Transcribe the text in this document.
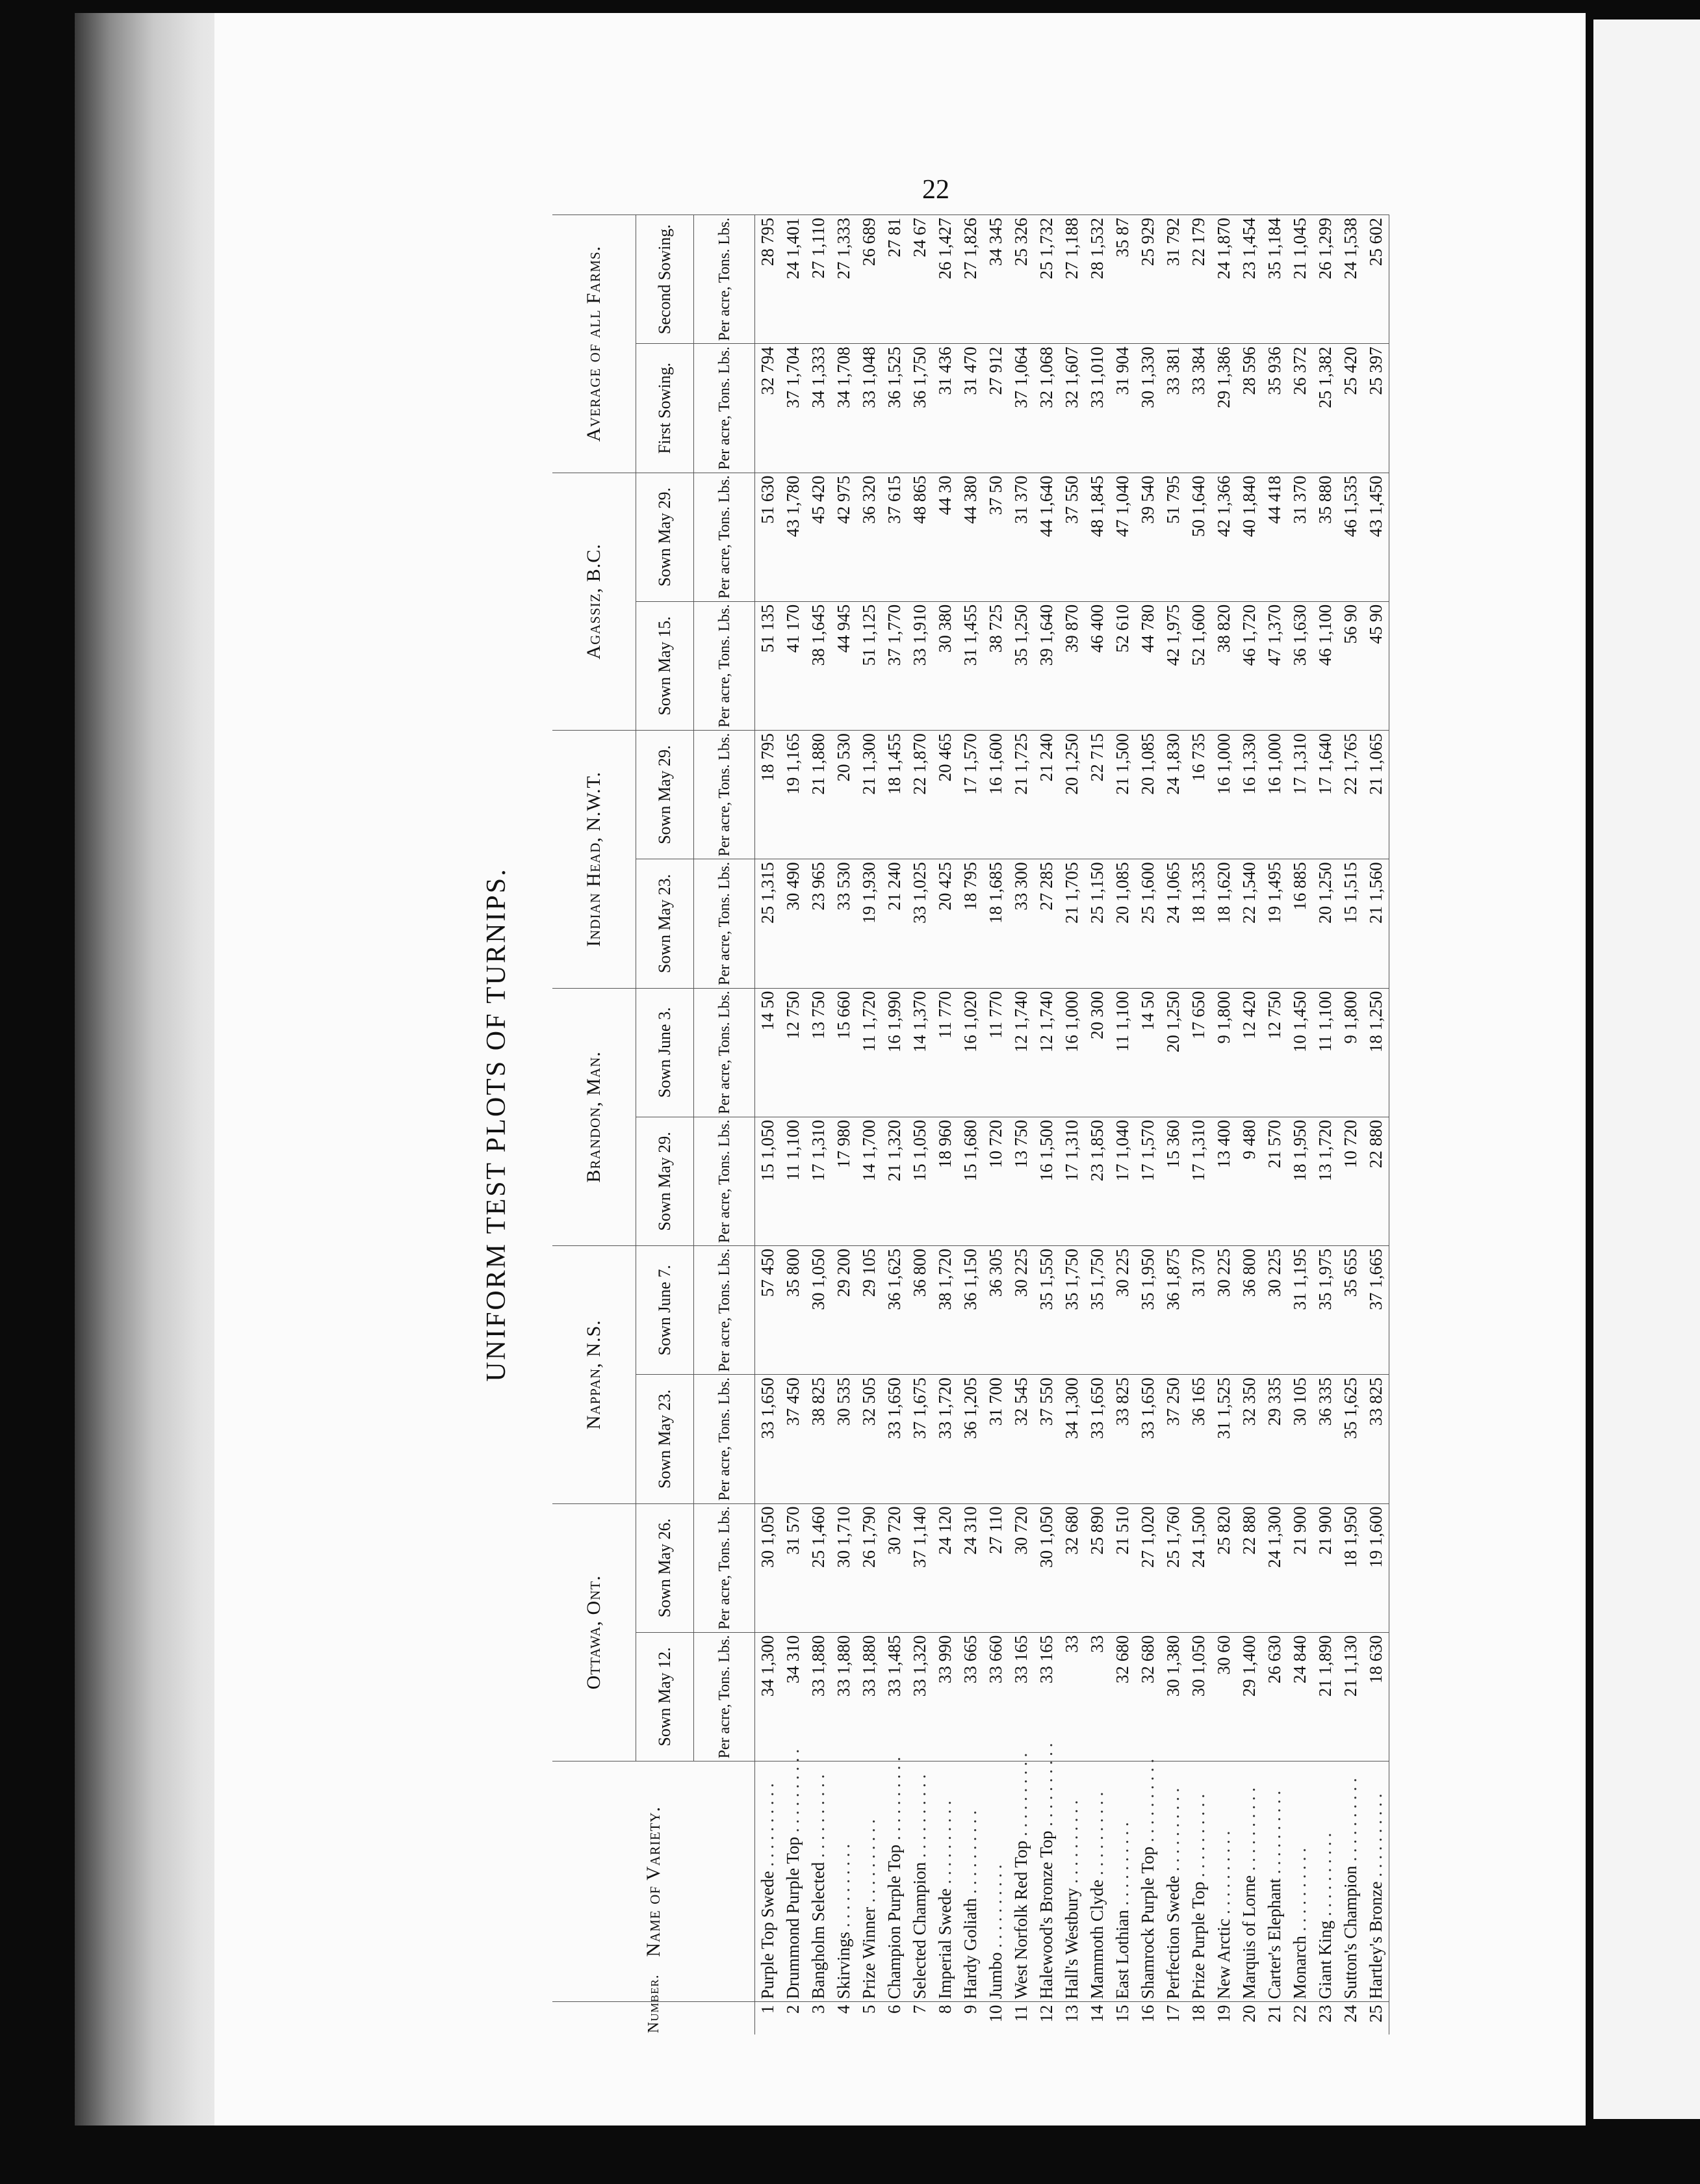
22
UNIFORM TEST PLOTS OF TURNIPS.
Number.	Name of Variety.	Ottawa, Ont.		Nappan, N.S.		Brandon, Man.		Indian Head, N.W.T.		Agassiz, B.C.		Average of all Farms.	
		Sown May 12.	Sown May 26.	Sown May 23.	Sown June 7.	Sown May 29.	Sown June 3.	Sown May 23.	Sown May 29.	Sown May 15.	Sown May 29.	First Sowing.	Second Sowing.
		Per acre, Tons. Lbs.	Per acre, Tons. Lbs.	Per acre, Tons. Lbs.	Per acre, Tons. Lbs.	Per acre, Tons. Lbs.	Per acre, Tons. Lbs.	Per acre, Tons. Lbs.	Per acre, Tons. Lbs.	Per acre, Tons. Lbs.	Per acre, Tons. Lbs.	Per acre, Tons. Lbs.	Per acre, Tons. Lbs.
1	Purple Top Swede . . .	34 1,300	30 1,050	33 1,650	57 450	15 1,050	14 50	25 1,315	18 795	51 135	51 630	32 794	28 795
2	Drummond Purple Top . . .	34 310	31 570	37 450	35 800	11 1,100	12 750	30 490	19 1,165	41 170	43 1,780	37 1,704	24 1,401
3	Bangholm Selected . . .	33 1,880	25 1,460	38 825	30 1,050	17 1,310	13 750	23 965	21 1,880	38 1,645	45 420	34 1,333	27 1,110
4	Skirvings . . .	33 1,880	30 1,710	30 535	29 200	17 980	15 660	33 530	20 530	44 945	42 975	34 1,708	27 1,333
5	Prize Winner . . .	33 1,880	26 1,790	32 505	29 105	14 1,700	11 1,720	19 1,930	21 1,300	51 1,125	36 320	33 1,048	26 689
6	Champion Purple Top . . .	33 1,485	30 720	33 1,650	36 1,625	21 1,320	16 1,990	21 240	18 1,455	37 1,770	37 615	36 1,525	27 81
7	Selected Champion . . .	33 1,320	37 1,140	37 1,675	36 800	15 1,050	14 1,370	33 1,025	22 1,870	33 1,910	48 865	36 1,750	24 67
8	Imperial Swede . . .	33 990	24 120	33 1,720	38 1,720	18 960	11 770	20 425	20 465	30 380	44 30	31 436	26 1,427
9	Hardy Goliath . . .	33 665	24 310	36 1,205	36 1,150	15 1,680	16 1,020	18 795	17 1,570	31 1,455	44 380	31 470	27 1,826
10	Jumbo . . .	33 660	27 110	31 700	36 305	10 720	11 770	18 1,685	16 1,600	38 725	37 50	27 912	34 345
11	West Norfolk Red Top . . .	33 165	30 720	32 545	30 225	13 750	12 1,740	33 300	21 1,725	35 1,250	31 370	37 1,064	25 326
12	Halewood's Bronze Top . . .	33 165	30 1,050	37 550	35 1,550	16 1,500	12 1,740	27 285	21 240	39 1,640	44 1,640	32 1,068	25 1,732
13	Hall's Westbury . . .	33	32 680	34 1,300	35 1,750	17 1,310	16 1,000	21 1,705	20 1,250	39 870	37 550	32 1,607	27 1,188
14	Mammoth Clyde . . .	33	25 890	33 1,650	35 1,750	23 1,850	20 300	25 1,150	22 715	46 400	48 1,845	33 1,010	28 1,532
15	East Lothian . . .	32 680	21 510	33 825	30 225	17 1,040	11 1,100	20 1,085	21 1,500	52 610	47 1,040	31 904	35 87
16	Shamrock Purple Top . . .	32 680	27 1,020	33 1,650	35 1,950	17 1,570	14 50	25 1,600	20 1,085	44 780	39 540	30 1,330	25 929
17	Perfection Swede . . .	30 1,380	25 1,760	37 250	36 1,875	15 360	20 1,250	24 1,065	24 1,830	42 1,975	51 795	33 381	31 792
18	Prize Purple Top . . .	30 1,050	24 1,500	36 165	31 370	17 1,310	17 650	18 1,335	16 735	52 1,600	50 1,640	33 384	22 179
19	New Arctic . . .	30 60	25 820	31 1,525	30 225	13 400	9 1,800	18 1,620	16 1,000	38 820	42 1,366	29 1,386	24 1,870
20	Marquis of Lorne . . .	29 1,400	22 880	32 350	36 800	9 480	12 420	22 1,540	16 1,330	46 1,720	40 1,840	28 596	23 1,454
21	Carter's Elephant . . .	26 630	24 1,300	29 335	30 225	21 570	12 750	19 1,495	16 1,000	47 1,370	44 418	35 936	35 1,184
22	Monarch . . .	24 840	21 900	30 105	31 1,195	18 1,950	10 1,450	16 885	17 1,310	36 1,630	31 370	26 372	21 1,045
23	Giant King . . .	21 1,890	21 900	36 335	35 1,975	13 1,720	11 1,100	20 1,250	17 1,640	46 1,100	35 880	25 1,382	26 1,299
24	Sutton's Champion . . .	21 1,130	18 1,950	35 1,625	35 655	10 720	9 1,800	15 1,515	22 1,765	56 90	46 1,535	25 420	24 1,538
25	Hartley's Bronze . . .	18 630	19 1,600	33 825	37 1,665	22 880	18 1,250	21 1,560	21 1,065	45 90	43 1,450	25 397	25 602
